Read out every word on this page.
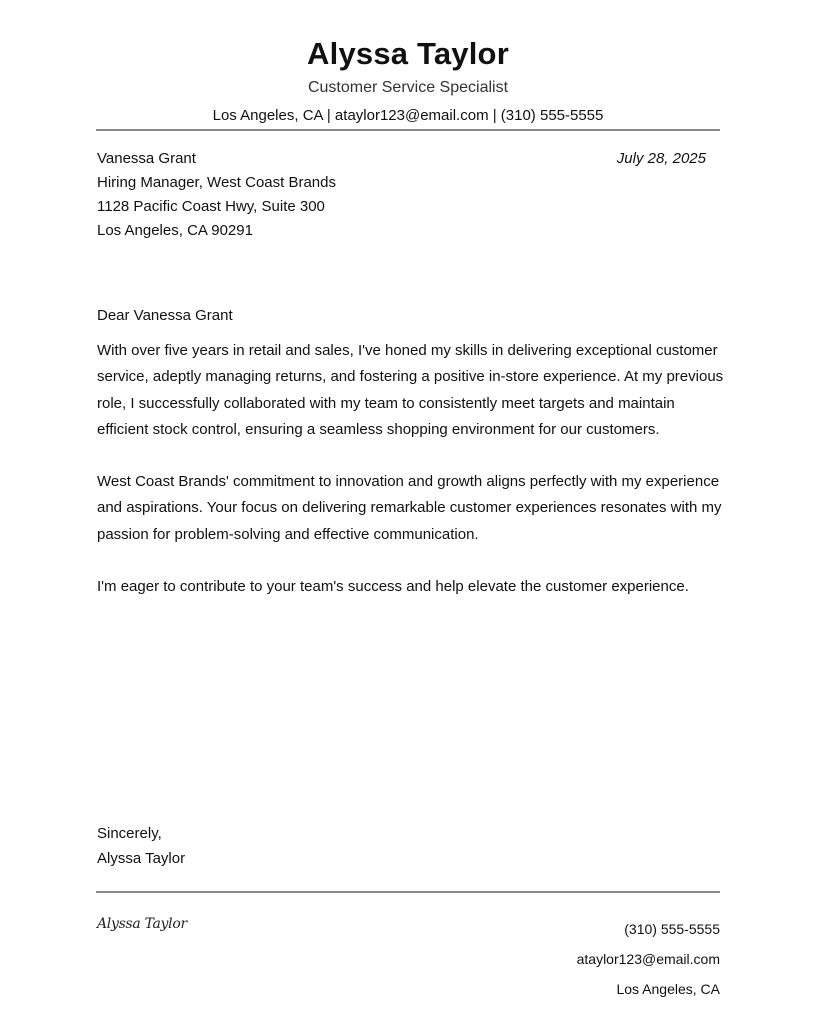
Alyssa Taylor
Customer Service Specialist
Los Angeles, CA | ataylor123@email.com | (310) 555-5555
Vanessa Grant
Hiring Manager, West Coast Brands
1128 Pacific Coast Hwy, Suite 300
Los Angeles, CA 90291
July 28, 2025
Dear Vanessa Grant

With over five years in retail and sales, I've honed my skills in delivering exceptional customer service, adeptly managing returns, and fostering a positive in-store experience. At my previous role, I successfully collaborated with my team to consistently meet targets and maintain efficient stock control, ensuring a seamless shopping environment for our customers.

West Coast Brands' commitment to innovation and growth aligns perfectly with my experience and aspirations. Your focus on delivering remarkable customer experiences resonates with my passion for problem-solving and effective communication.

I'm eager to contribute to your team's success and help elevate the customer experience.

Sincerely,
Alyssa Taylor
Alyssa Taylor	(310) 555-5555
ataylor123@email.com
Los Angeles, CA
